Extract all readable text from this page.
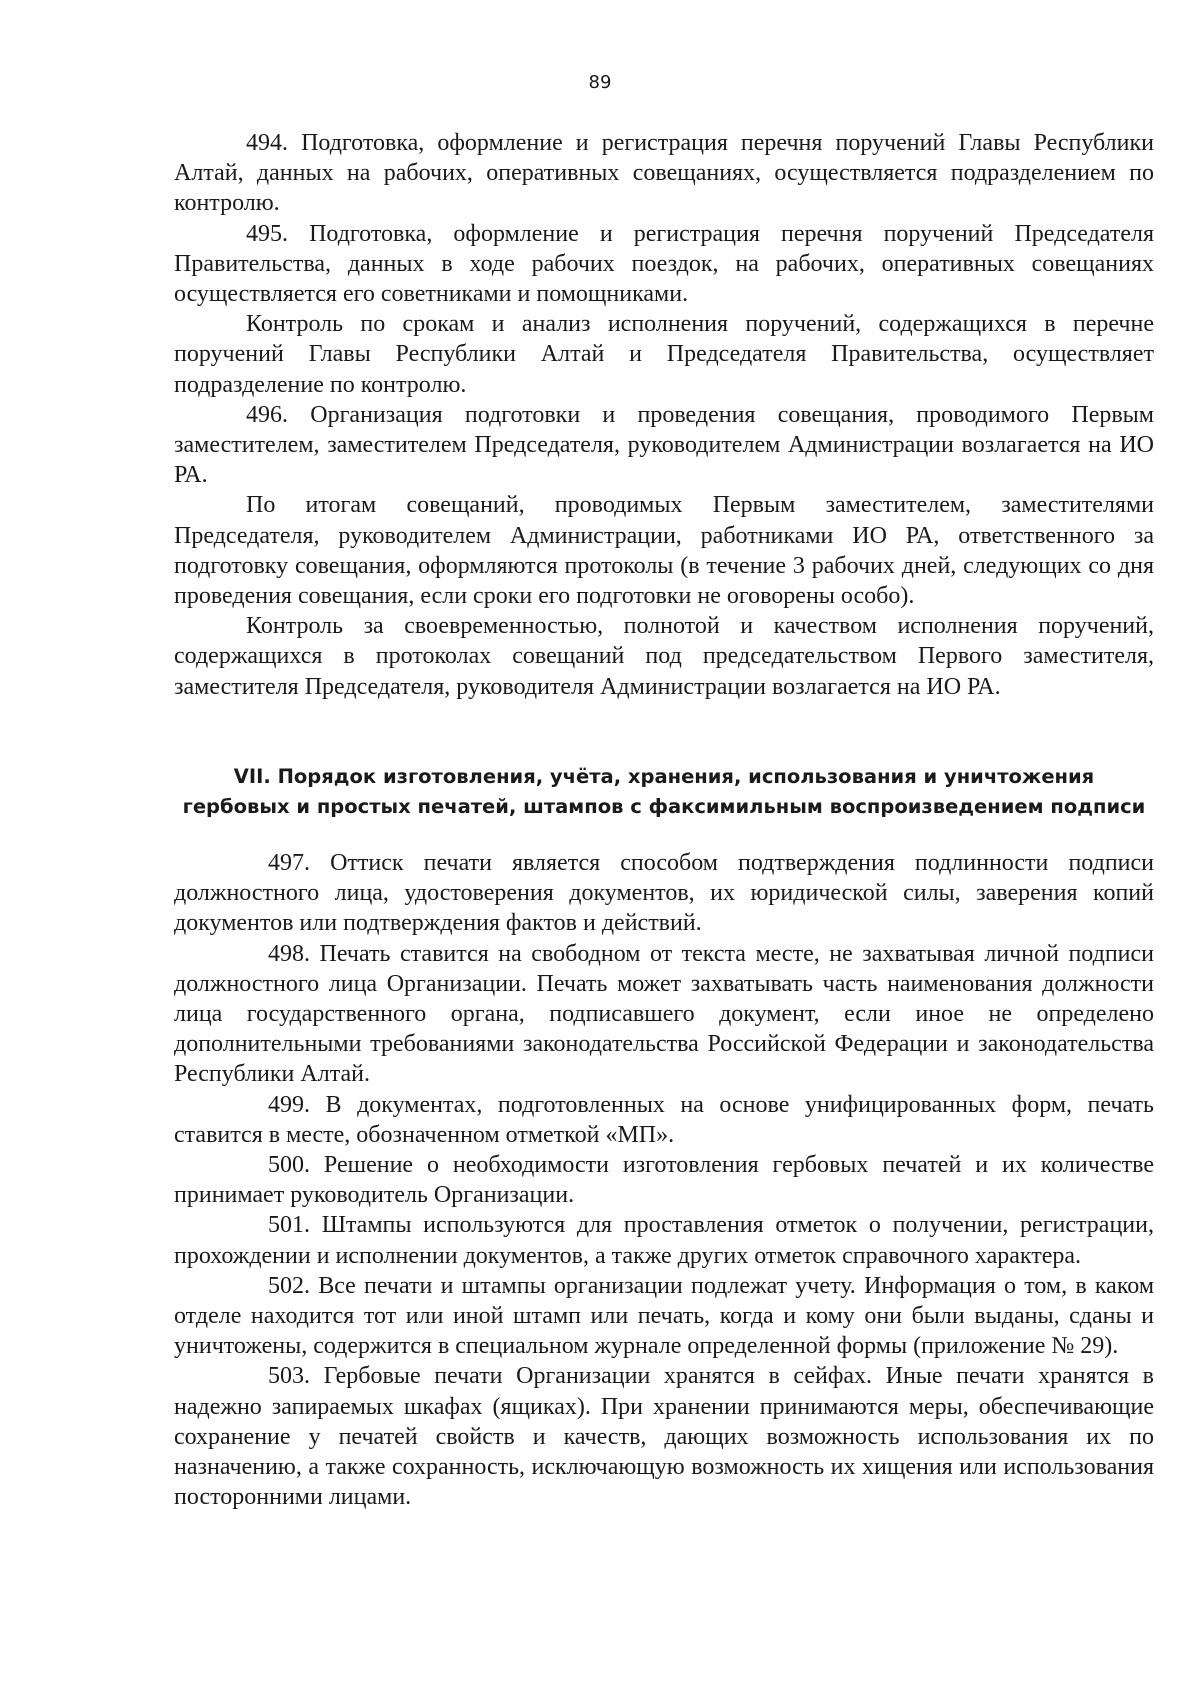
89

494. Подготовка, оформление и регистрация перечня поручений Главы Республики Алтай, данных на рабочих, оперативных совещаниях, осуществляется подразделением по контролю.

495. Подготовка, оформление и регистрация перечня поручений Председателя Правительства, данных в ходе рабочих поездок, на рабочих, оперативных совещаниях осуществляется его советниками и помощниками.

Контроль по срокам и анализ исполнения поручений, содержащихся в перечне поручений Главы Республики Алтай и Председателя Правительства, осуществляет подразделение по контролю.

496. Организация подготовки и проведения совещания, проводимого Первым заместителем, заместителем Председателя, руководителем Администрации возлагается на ИО РА.

По итогам совещаний, проводимых Первым заместителем, заместителями Председателя, руководителем Администрации, работниками ИО РА, ответственного за подготовку совещания, оформляются протоколы (в течение 3 рабочих дней, следующих со дня проведения совещания, если сроки его подготовки не оговорены особо).

Контроль за своевременностью, полнотой и качеством исполнения поручений, содержащихся в протоколах совещаний под председательством Первого заместителя, заместителя Председателя, руководителя Администрации возлагается на ИО РА.

VII. Порядок изготовления, учёта, хранения, использования и уничтожения
гербовых и простых печатей, штампов с факсимильным воспроизведением подписи

497. Оттиск печати является способом подтверждения подлинности подписи должностного лица, удостоверения документов, их юридической силы, заверения копий документов или подтверждения фактов и действий.

498. Печать ставится на свободном от текста месте, не захватывая личной подписи должностного лица Организации. Печать может захватывать часть наименования должности лица государственного органа, подписавшего документ, если иное не определено дополнительными требованиями законодательства Российской Федерации и законодательства Республики Алтай.

499. В документах, подготовленных на основе унифицированных форм, печать ставится в месте, обозначенном отметкой «МП».

500. Решение о необходимости изготовления гербовых печатей и их количестве принимает руководитель Организации.

501. Штампы используются для проставления отметок о получении, регистрации, прохождении и исполнении документов, а также других отметок справочного характера.

502. Все печати и штампы организации подлежат учету. Информация о том, в каком отделе находится тот или иной штамп или печать, когда и кому они были выданы, сданы и уничтожены, содержится в специальном журнале определенной формы (приложение № 29).

503. Гербовые печати Организации хранятся в сейфах. Иные печати хранятся в надежно запираемых шкафах (ящиках). При хранении принимаются меры, обеспечивающие сохранение у печатей свойств и качеств, дающих возможность использования их по назначению, а также сохранность, исключающую возможность их хищения или использования посторонними лицами.
